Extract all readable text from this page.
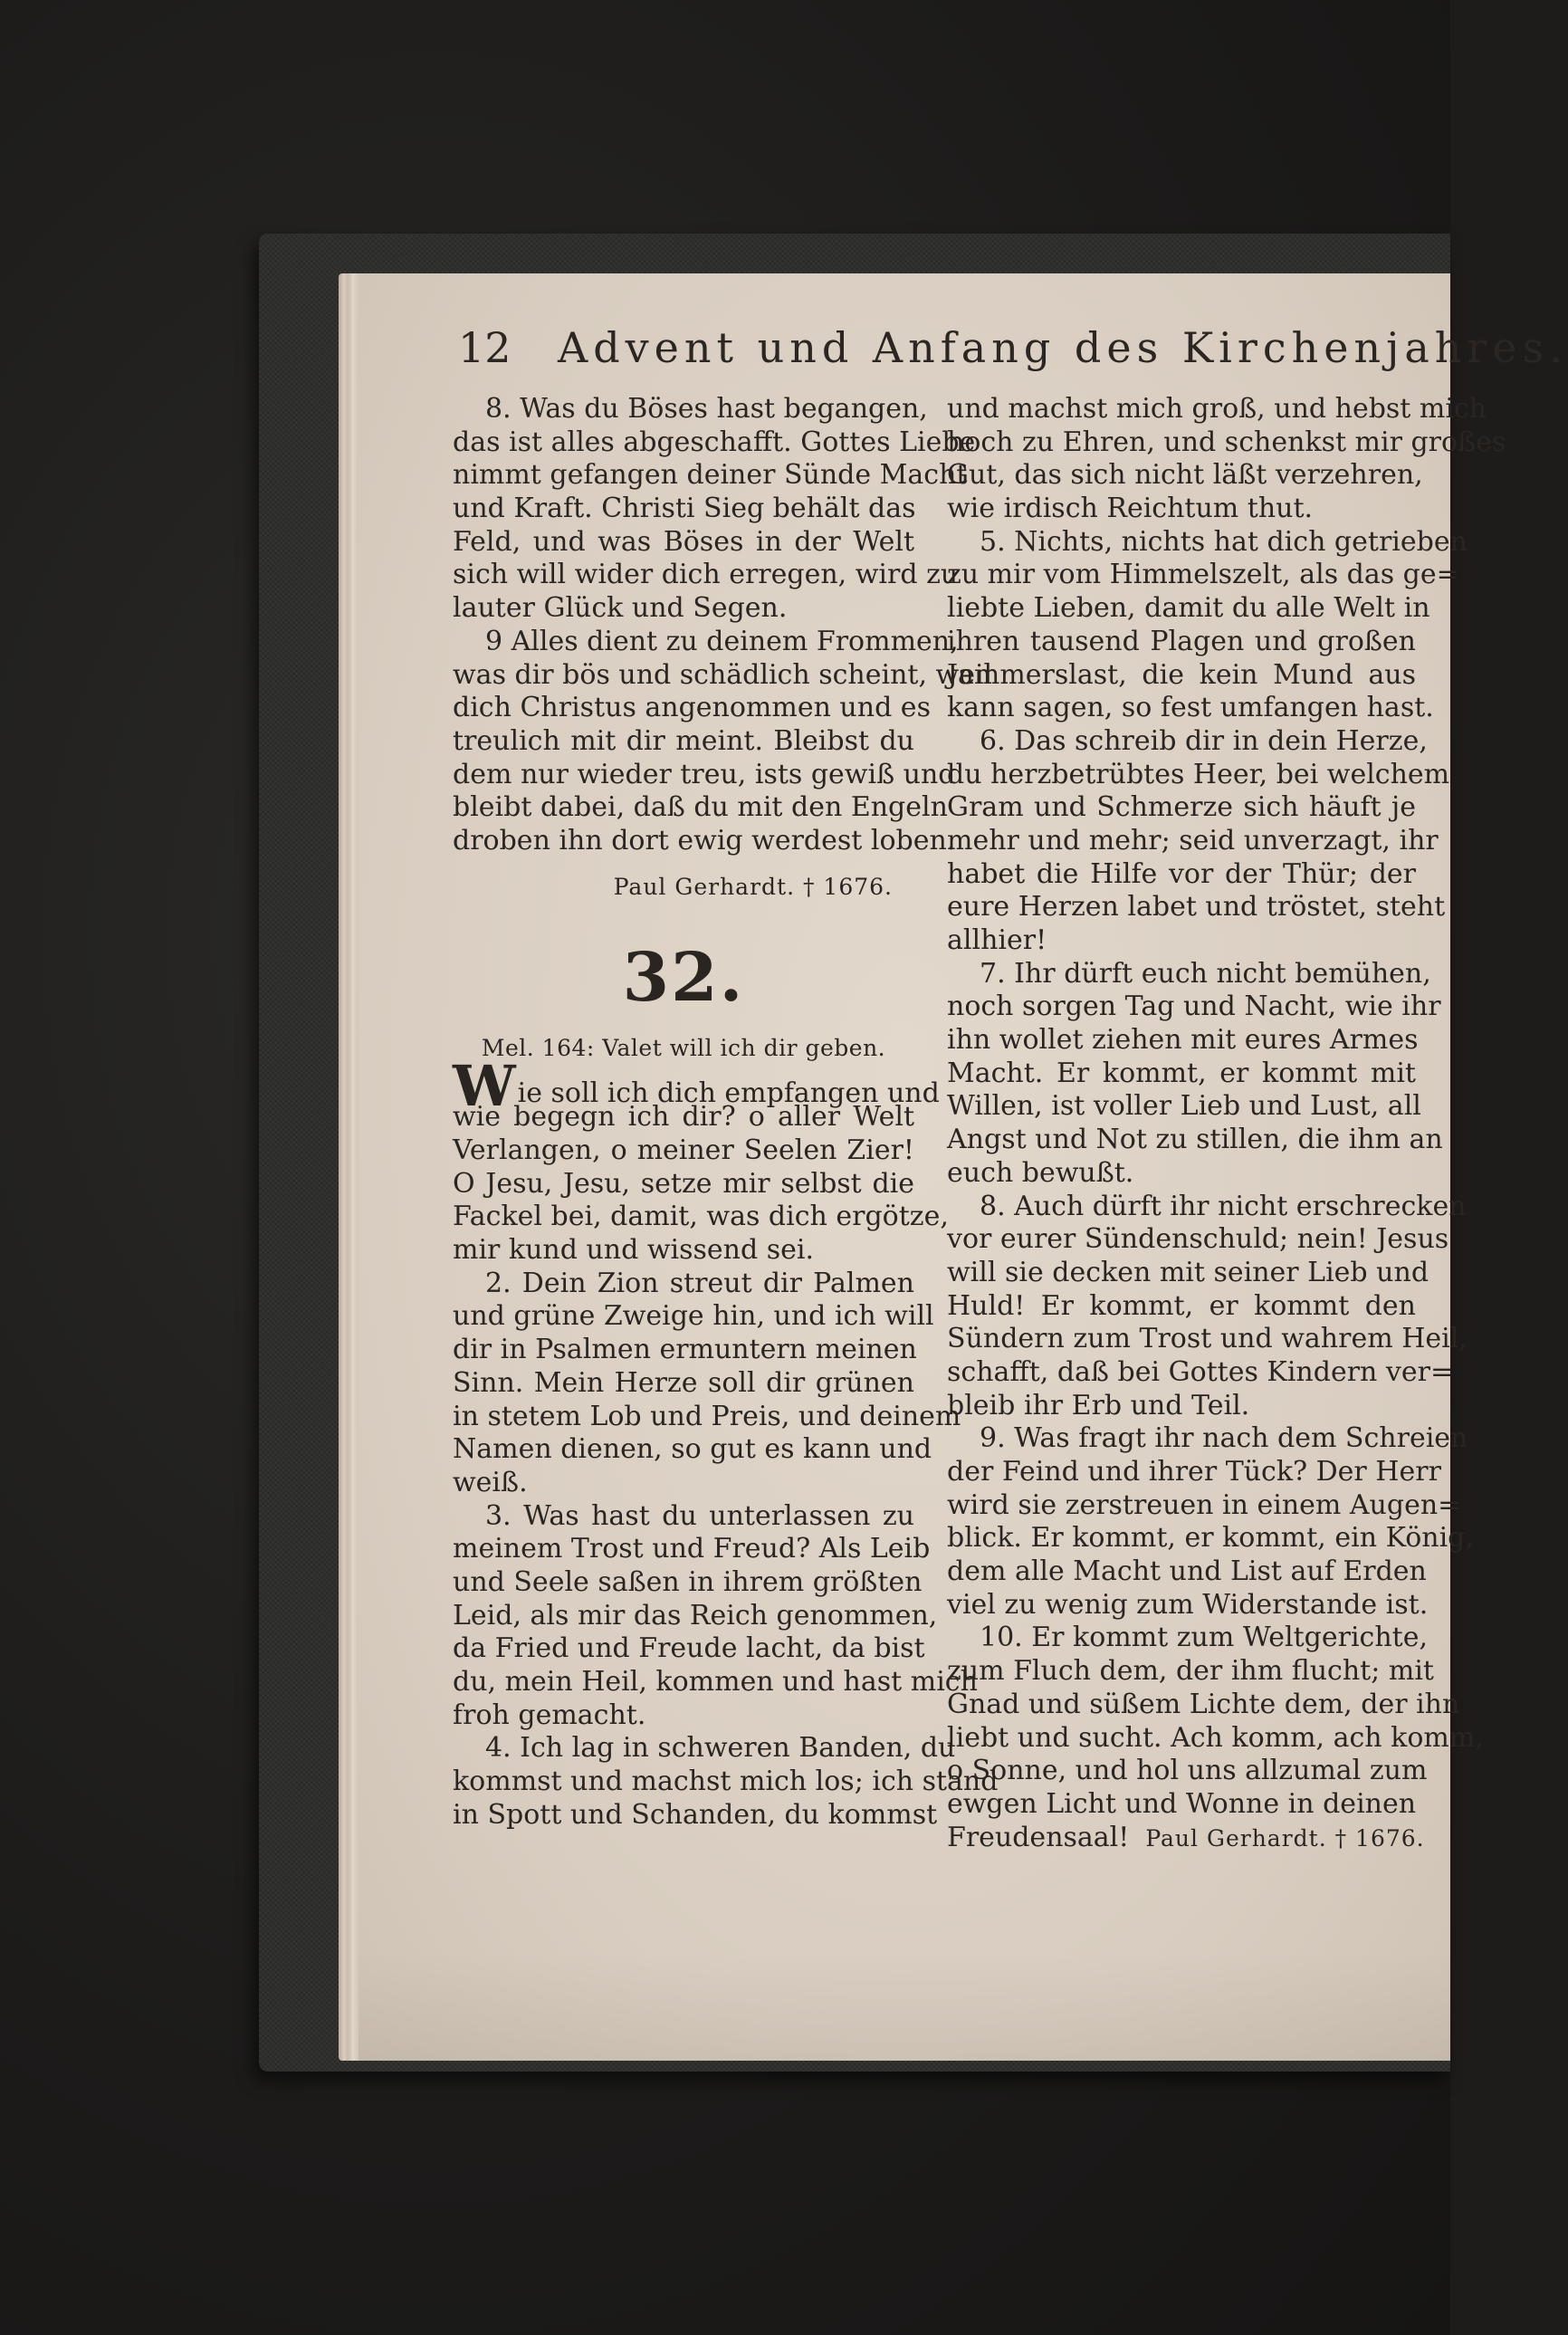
12 Advent und Anfang des Kirchenjahres.
8. Was du Böses hast begangen,
das ist alles abgeschafft. Gottes Liebe
nimmt gefangen deiner Sünde Macht
und Kraft. Christi Sieg behält das
Feld, und was Böses in der Welt
sich will wider dich erregen, wird zu
lauter Glück und Segen.
9 Alles dient zu deinem Frommen,
was dir bös und schädlich scheint, weil
dich Christus angenommen und es
treulich mit dir meint. Bleibst du
dem nur wieder treu, ists gewiß und
bleibt dabei, daß du mit den Engeln
droben ihn dort ewig werdest loben.
Paul Gerhardt. † 1676.
32.
Mel. 164: Valet will ich dir geben.
Wie soll ich dich empfangen und
wie begegn ich dir? o aller Welt
Verlangen, o meiner Seelen Zier!
O Jesu, Jesu, setze mir selbst die
Fackel bei, damit, was dich ergötze,
mir kund und wissend sei.
2. Dein Zion streut dir Palmen
und grüne Zweige hin, und ich will
dir in Psalmen ermuntern meinen
Sinn. Mein Herze soll dir grünen
in stetem Lob und Preis, und deinem
Namen dienen, so gut es kann und
weiß.
3. Was hast du unterlassen zu
meinem Trost und Freud? Als Leib
und Seele saßen in ihrem größten
Leid, als mir das Reich genommen,
da Fried und Freude lacht, da bist
du, mein Heil, kommen und hast mich
froh gemacht.
4. Ich lag in schweren Banden, du
kommst und machst mich los; ich stand
in Spott und Schanden, du kommst
und machst mich groß, und hebst mich
hoch zu Ehren, und schenkst mir großes
Gut, das sich nicht läßt verzehren,
wie irdisch Reichtum thut.
5. Nichts, nichts hat dich getrieben
zu mir vom Himmelszelt, als das ge=
liebte Lieben, damit du alle Welt in
ihren tausend Plagen und großen
Jammerslast, die kein Mund aus
kann sagen, so fest umfangen hast.
6. Das schreib dir in dein Herze,
du herzbetrübtes Heer, bei welchem
Gram und Schmerze sich häuft je
mehr und mehr; seid unverzagt, ihr
habet die Hilfe vor der Thür; der
eure Herzen labet und tröstet, steht
allhier!
7. Ihr dürft euch nicht bemühen,
noch sorgen Tag und Nacht, wie ihr
ihn wollet ziehen mit eures Armes
Macht. Er kommt, er kommt mit
Willen, ist voller Lieb und Lust, all
Angst und Not zu stillen, die ihm an
euch bewußt.
8. Auch dürft ihr nicht erschrecken
vor eurer Sündenschuld; nein! Jesus
will sie decken mit seiner Lieb und
Huld! Er kommt, er kommt den
Sündern zum Trost und wahrem Heil,
schafft, daß bei Gottes Kindern ver=
bleib ihr Erb und Teil.
9. Was fragt ihr nach dem Schreien
der Feind und ihrer Tück? Der Herr
wird sie zerstreuen in einem Augen=
blick. Er kommt, er kommt, ein König,
dem alle Macht und List auf Erden
viel zu wenig zum Widerstande ist.
10. Er kommt zum Weltgerichte,
zum Fluch dem, der ihm flucht; mit
Gnad und süßem Lichte dem, der ihn
liebt und sucht. Ach komm, ach komm,
o Sonne, und hol uns allzumal zum
ewgen Licht und Wonne in deinen
Freudensaal! Paul Gerhardt. † 1676.
